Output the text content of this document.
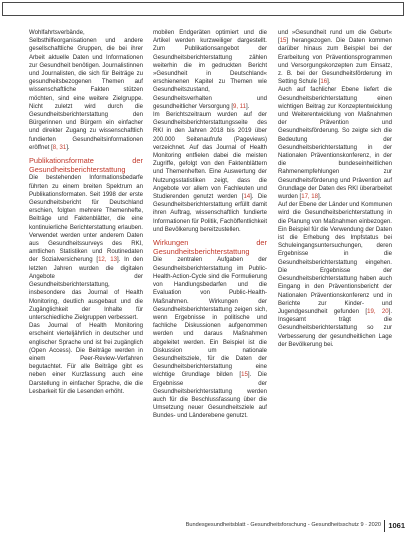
Wohlfahrtsverbände, Selbsthilfeorganisationen und andere gesellschaftliche Gruppen, die bei ihrer Arbeit aktuelle Daten und Informationen zur Gesundheit benötigen. Journalistinnen und Journalisten, die sich für Beiträge zu gesundheitsbezogenen Themen auf wissenschaftliche Fakten stützen möchten, sind eine weitere Zielgruppe. Nicht zuletzt wird durch die Gesundheitsberichterstattung den Bürgerinnen und Bürgern ein einfacher und direkter Zugang zu wissenschaftlich fundierten Gesundheitsinformationen eröffnet [8, 31].

Publikationsformate der Gesundheitsberichterstattung

Die bestehenden Informationsbedarfe führten zu einem breiten Spektrum an Publikationsformaten. Seit 1998 der erste Gesundheitsbericht für Deutschland erschien, folgten mehrere Themenhefte, Beiträge und Faktenblätter, die eine kontinuierliche Berichterstattung erlauben. Verwendet werden unter anderem Daten aus Gesundheitssurveys des RKI, amtlichen Statistiken und Routinedaten der Sozialversicherung [12, 13]. In den letzten Jahren wurden die digitalen Angebote der Gesundheitsberichterstattung, insbesondere das Journal of Health Monitoring, deutlich ausgebaut und die Zugänglichkeit der Inhalte für unterschiedliche Zielgruppen verbessert.

Das Journal of Health Monitoring erscheint vierteljährlich in deutscher und englischer Sprache und ist frei zugänglich (Open Access). Die Beiträge werden in einem Peer-Review-Verfahren begutachtet. Für alle Beiträge gibt es neben einer Kurzfassung auch eine Darstellung in einfacher Sprache, die die Lesbarkeit für die Lesenden erhöht.

mobilen Endgeräten optimiert und die Artikel werden kurzweiliger dargestellt. Zum Publikationsangebot der Gesundheitsberichterstattung zählen weiterhin die im gedruckten Bericht »Gesundheit in Deutschland« erschienenen Kapitel zu Themen wie Gesundheitszustand, Gesundheitsverhalten und gesundheitlicher Versorgung [9, 11].

Im Berichtszeitraum wurden auf der Gesundheitsberichterstattungsseite des RKI in den Jahren 2018 bis 2019 über 200.000 Seitenaufrufe (Pageviews) verzeichnet. Auf das Journal of Health Monitoring entfielen dabei die meisten Zugriffe, gefolgt von den Faktenblättern und Themenheften. Eine Auswertung der Nutzungsstatistiken zeigt, dass die Angebote vor allem von Fachleuten und Studierenden genutzt werden [14]. Die Gesundheitsberichterstattung erfüllt damit ihren Auftrag, wissenschaftlich fundierte Informationen für Politik, Fachöffentlichkeit und Bevölkerung bereitzustellen.

Wirkungen der Gesundheitsberichterstattung

Die zentralen Aufgaben der Gesundheitsberichterstattung im Public-Health-Action-Cycle sind die Formulierung von Handlungsbedarfen und die Evaluation von Public-Health-Maßnahmen. Wirkungen der Gesundheitsberichterstattung zeigen sich, wenn Ergebnisse in politische und fachliche Diskussionen aufgenommen werden und daraus Maßnahmen abgeleitet werden. Ein Beispiel ist die Diskussion um nationale Gesundheitsziele, für die Daten der Gesundheitsberichterstattung eine wichtige Grundlage bilden [15]. Die Ergebnisse der Gesundheitsberichterstattung werden auch für die Beschlussfassung über die Umsetzung neuer Gesundheitsziele auf Bundes- und Länderebene genutzt.

und »Gesundheit rund um die Geburt« [15] herangezogen. Die Daten kommen darüber hinaus zum Beispiel bei der Erarbeitung von Präventionsprogrammen und Versorgungskonzepten zum Einsatz, z. B. bei der Gesundheitsförderung im Setting Schule [16].

Auch auf fachlicher Ebene liefert die Gesundheitsberichterstattung einen wichtigen Beitrag zur Konzeptentwicklung und Weiterentwicklung von Maßnahmen der Prävention und Gesundheitsförderung. So zeigte sich die Bedeutung der Gesundheitsberichterstattung in der Nationalen Präventionskonferenz, in der die bundeseinheitlichen Rahmenempfehlungen zur Gesundheitsförderung und Prävention auf Grundlage der Daten des RKI überarbeitet wurden [17, 18].

Auf der Ebene der Länder und Kommunen wird die Gesundheitsberichterstattung in die Planung von Maßnahmen einbezogen. Ein Beispiel für die Verwendung der Daten ist die Erhebung des Impfstatus bei Schuleingangsuntersuchungen, deren Ergebnisse in die Gesundheitsberichterstattung eingehen. Die Ergebnisse der Gesundheitsberichterstattung haben auch Eingang in den Präventionsbericht der Nationalen Präventionskonferenz und in Berichte zur Kinder- und Jugendgesundheit gefunden [19, 20]. Insgesamt trägt die Gesundheitsberichterstattung so zur Verbesserung der gesundheitlichen Lage der Bevölkerung bei.

Bundesgesundheitsblatt - Gesundheitsforschung - Gesundheitsschutz 9 · 2020 1061
